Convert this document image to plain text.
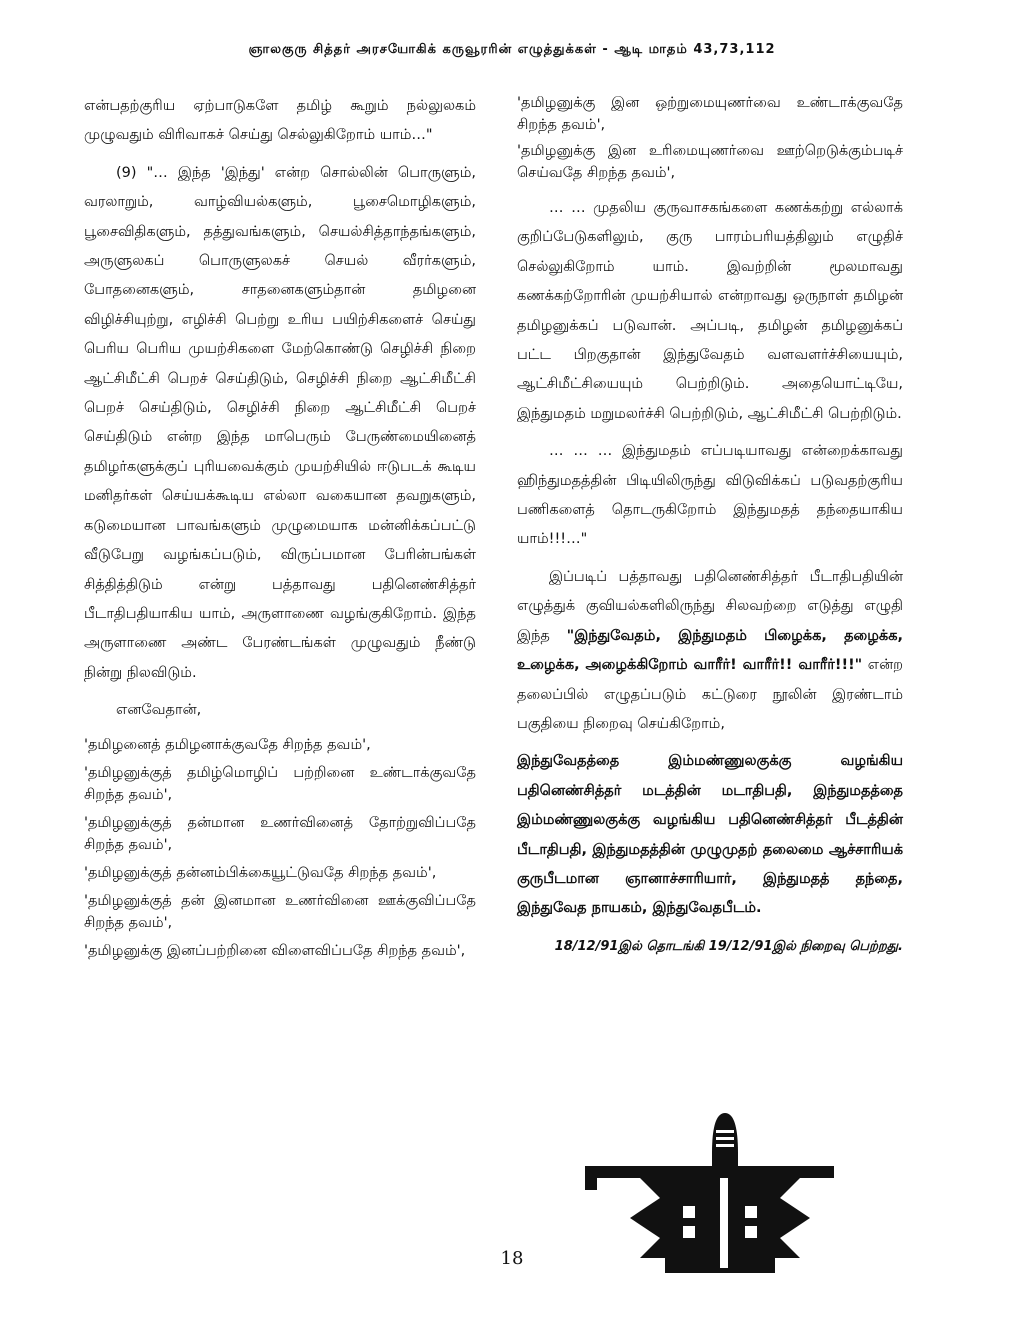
ஞாலகுரு சித்தர் அரசயோகிக் கருவூரரின் எழுத்துக்கள் - ஆடி மாதம் 43,73,112

என்பதற்குரிய ஏற்பாடுகளே தமிழ் கூறும் நல்லுலகம் முழுவதும் விரிவாகச் செய்து செல்லுகிறோம் யாம்…"

(9) "… இந்த 'இந்து' என்ற சொல்லின் பொருளும், வரலாறும், வாழ்வியல்களும், பூசைமொழிகளும், பூசைவிதிகளும், தத்துவங்களும், செயல்சித்தாந்தங்களும், அருளுலகப் பொருளுலகச் செயல் வீரர்களும், போதனைகளும், சாதனைகளும்தான் தமிழனை விழிச்சியுற்று, எழிச்சி பெற்று உரிய பயிற்சிகளைச் செய்து பெரிய பெரிய முயற்சிகளை மேற்கொண்டு செழிச்சி நிறை ஆட்சிமீட்சி பெறச் செய்திடும், செழிச்சி நிறை ஆட்சிமீட்சி பெறச் செய்திடும், செழிச்சி நிறை ஆட்சிமீட்சி பெறச் செய்திடும் என்ற இந்த மாபெரும் பேருண்மையினைத் தமிழர்களுக்குப் புரியவைக்கும் முயற்சியில் ஈடுபடக் கூடிய மனிதர்கள் செய்யக்கூடிய எல்லா வகையான தவறுகளும், கடுமையான பாவங்களும் முழுமையாக மன்னிக்கப்பட்டு வீடுபேறு வழங்கப்படும், விருப்பமான பேரின்பங்கள் சித்தித்திடும் என்று பத்தாவது பதினெண்சித்தர் பீடாதிபதியாகிய யாம், அருளாணை வழங்குகிறோம். இந்த அருளாணை அண்ட பேரண்டங்கள் முழுவதும் நீண்டு நின்று நிலவிடும்.

எனவேதான்,

'தமிழனைத் தமிழனாக்குவதே சிறந்த தவம்',
'தமிழனுக்குத் தமிழ்மொழிப் பற்றினை உண்டாக்குவதே சிறந்த தவம்',
'தமிழனுக்குத் தன்மான உணர்வினைத் தோற்றுவிப்பதே சிறந்த தவம்',
'தமிழனுக்குத் தன்னம்பிக்கையூட்டுவதே சிறந்த தவம்',
'தமிழனுக்குத் தன் இனமான உணர்வினை ஊக்குவிப்பதே சிறந்த தவம்',
'தமிழனுக்கு இனப்பற்றினை விளைவிப்பதே சிறந்த தவம்',
'தமிழனுக்கு இன ஒற்றுமையுணர்வை உண்டாக்குவதே சிறந்த தவம்',
'தமிழனுக்கு இன உரிமையுணர்வை ஊற்றெடுக்கும்படிச் செய்வதே சிறந்த தவம்',

… … முதலிய குருவாசகங்களை கணக்கற்று எல்லாக் குறிப்பேடுகளிலும், குரு பாரம்பரியத்திலும் எழுதிச் செல்லுகிறோம் யாம். இவற்றின் மூலமாவது கணக்கற்றோரின் முயற்சியால் என்றாவது ஒருநாள் தமிழன் தமிழனுக்கப் படுவான். அப்படி, தமிழன் தமிழனுக்கப் பட்ட பிறகுதான் இந்துவேதம் வளவளர்ச்சியையும், ஆட்சிமீட்சியையும் பெற்றிடும். அதையொட்டியே, இந்துமதம் மறுமலர்ச்சி பெற்றிடும், ஆட்சிமீட்சி பெற்றிடும்.

… … … இந்துமதம் எப்படியாவது என்றைக்காவது ஹிந்துமதத்தின் பிடியிலிருந்து விடுவிக்கப் படுவதற்குரிய பணிகளைத் தொடருகிறோம் இந்துமதத் தந்தையாகிய யாம்!!!…"

இப்படிப் பத்தாவது பதினெண்சித்தர் பீடாதிபதியின் எழுத்துக் குவியல்களிலிருந்து சிலவற்றை எடுத்து எழுதி இந்த "இந்துவேதம், இந்துமதம் பிழைக்க, தழைக்க, உழைக்க, அழைக்கிறோம் வாரீர்! வாரீர்!! வாரீர்!!!" என்ற தலைப்பில் எழுதப்படும் கட்டுரை நூலின் இரண்டாம் பகுதியை நிறைவு செய்கிறோம்,

இந்துவேதத்தை இம்மண்ணுலகுக்கு வழங்கிய பதினெண்சித்தர் மடத்தின் மடாதிபதி, இந்துமதத்தை இம்மண்ணுலகுக்கு வழங்கிய பதினெண்சித்தர் பீடத்தின் பீடாதிபதி, இந்துமதத்தின் முழுமுதற் தலைமை ஆச்சாரியக் குருபீடமான ஞானாச்சாரியார், இந்துமதத் தந்தை, இந்துவேத நாயகம், இந்துவேதபீடம்.

18/12/91இல் தொடங்கி 19/12/91இல் நிறைவு பெற்றது.
18
